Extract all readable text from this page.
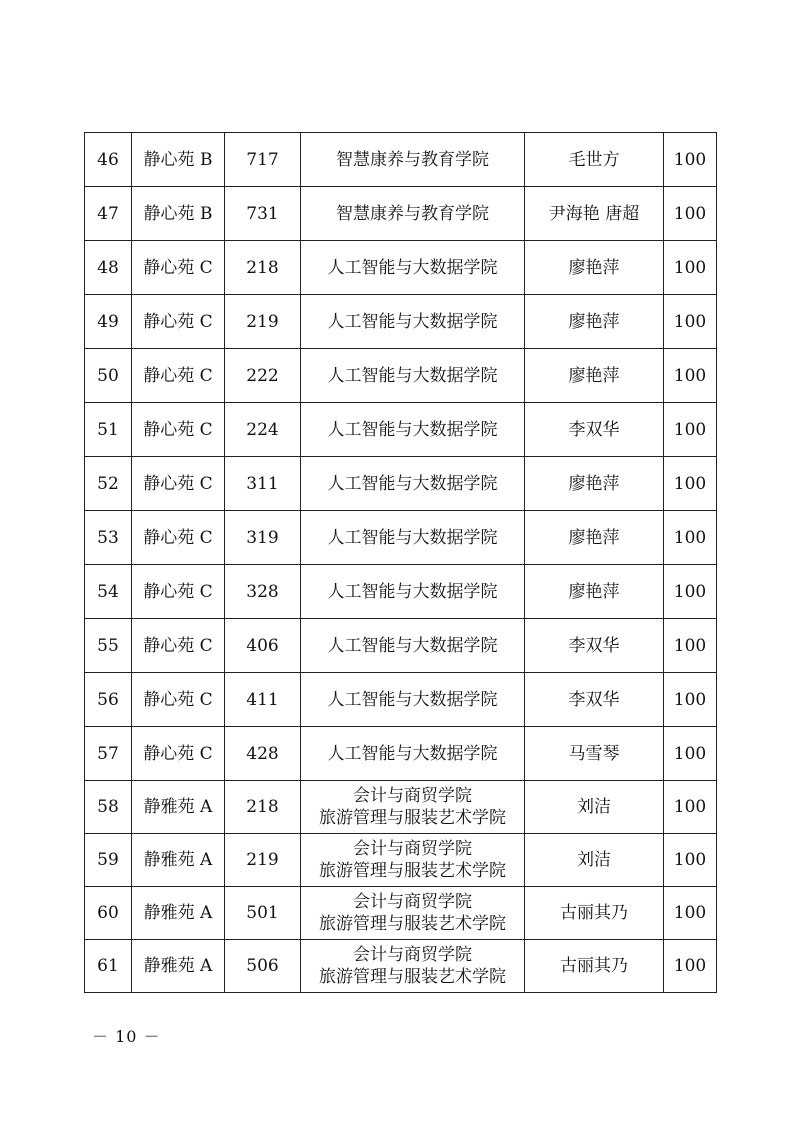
46	静心苑 B	717	智慧康养与教育学院	毛世方	100
47	静心苑 B	731	智慧康养与教育学院	尹海艳 唐超	100
48	静心苑 C	218	人工智能与大数据学院	廖艳萍	100
49	静心苑 C	219	人工智能与大数据学院	廖艳萍	100
50	静心苑 C	222	人工智能与大数据学院	廖艳萍	100
51	静心苑 C	224	人工智能与大数据学院	李双华	100
52	静心苑 C	311	人工智能与大数据学院	廖艳萍	100
53	静心苑 C	319	人工智能与大数据学院	廖艳萍	100
54	静心苑 C	328	人工智能与大数据学院	廖艳萍	100
55	静心苑 C	406	人工智能与大数据学院	李双华	100
56	静心苑 C	411	人工智能与大数据学院	李双华	100
57	静心苑 C	428	人工智能与大数据学院	马雪琴	100
58	静雅苑 A	218	会计与商贸学院
旅游管理与服装艺术学院	刘洁	100
59	静雅苑 A	219	会计与商贸学院
旅游管理与服装艺术学院	刘洁	100
60	静雅苑 A	501	会计与商贸学院
旅游管理与服装艺术学院	古丽其乃	100
61	静雅苑 A	506	会计与商贸学院
旅游管理与服装艺术学院	古丽其乃	100
－ 10 －
